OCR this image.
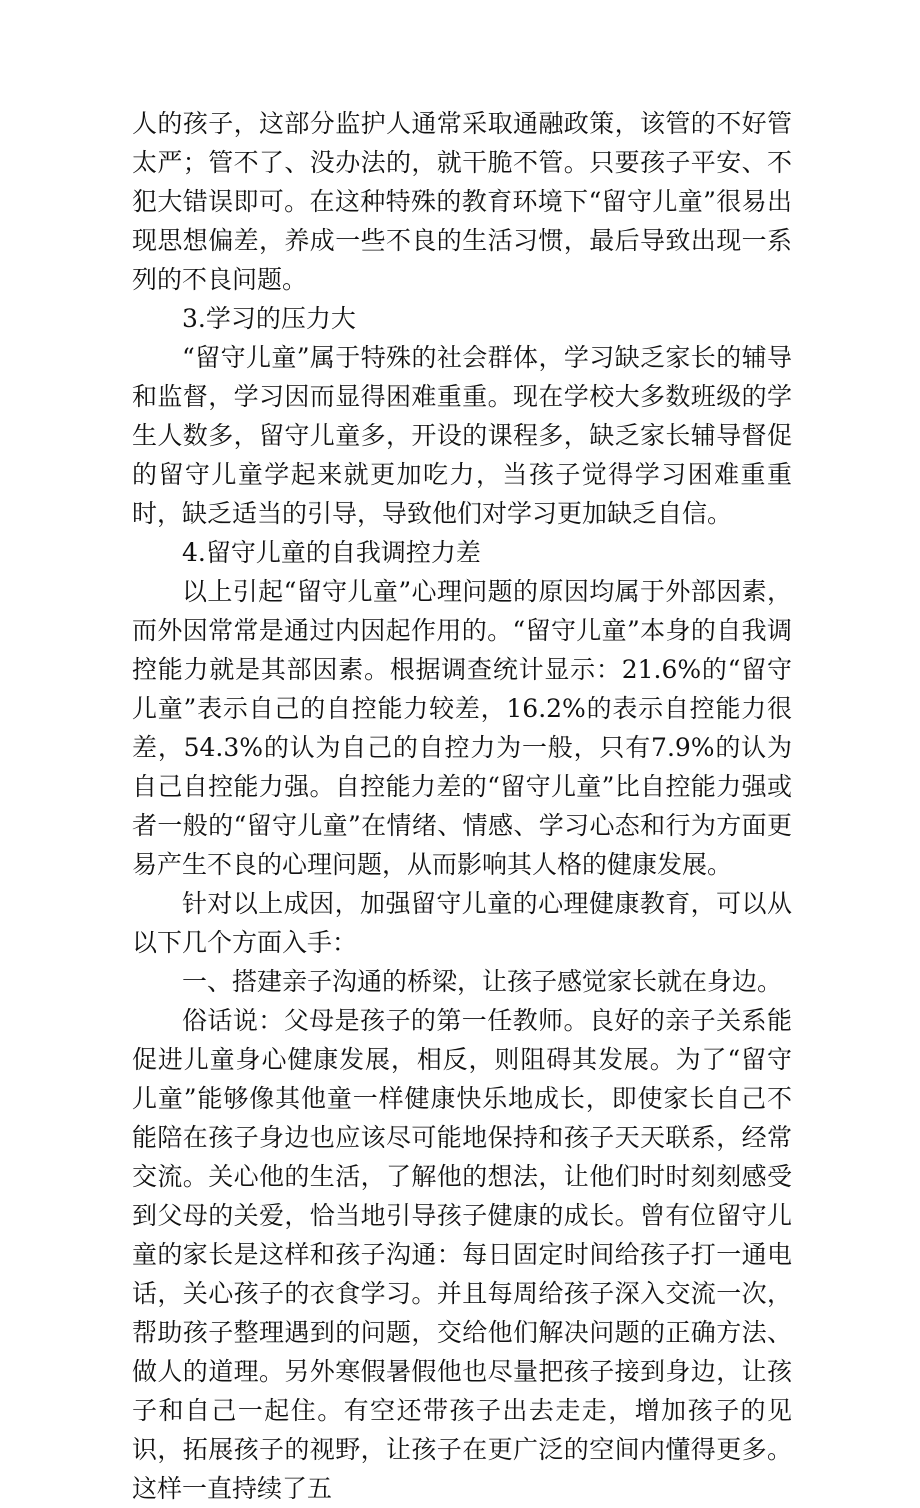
人的孩子，这部分监护人通常采取通融政策，该管的不好管太严；管不了、没办法的，就干脆不管。只要孩子平安、不犯大错误即可。在这种特殊的教育环境下“留守儿童”很易出现思想偏差，养成一些不良的生活习惯，最后导致出现一系列的不良问题。

3.学习的压力大

“留守儿童”属于特殊的社会群体，学习缺乏家长的辅导和监督，学习因而显得困难重重。现在学校大多数班级的学生人数多，留守儿童多，开设的课程多，缺乏家长辅导督促的留守儿童学起来就更加吃力，当孩子觉得学习困难重重时，缺乏适当的引导，导致他们对学习更加缺乏自信。

4.留守儿童的自我调控力差

以上引起“留守儿童”心理问题的原因均属于外部因素，而外因常常是通过内因起作用的。“留守儿童”本身的自我调控能力就是其部因素。根据调查统计显示：21.6%的“留守儿童”表示自己的自控能力较差，16.2%的表示自控能力很差，54.3%的认为自己的自控力为一般，只有7.9%的认为自己自控能力强。自控能力差的“留守儿童”比自控能力强或者一般的“留守儿童”在情绪、情感、学习心态和行为方面更易产生不良的心理问题，从而影响其人格的健康发展。

针对以上成因，加强留守儿童的心理健康教育，可以从以下几个方面入手：

一、搭建亲子沟通的桥梁，让孩子感觉家长就在身边。

俗话说：父母是孩子的第一任教师。良好的亲子关系能促进儿童身心健康发展，相反，则阻碍其发展。为了“留守儿童”能够像其他童一样健康快乐地成长，即使家长自己不能陪在孩子身边也应该尽可能地保持和孩子天天联系，经常交流。关心他的生活，了解他的想法，让他们时时刻刻感受到父母的关爱，恰当地引导孩子健康的成长。曾有位留守儿童的家长是这样和孩子沟通：每日固定时间给孩子打一通电话，关心孩子的衣食学习。并且每周给孩子深入交流一次，帮助孩子整理遇到的问题，交给他们解决问题的正确方法、做人的道理。另外寒假暑假他也尽量把孩子接到身边，让孩子和自己一起住。有空还带孩子出去走走，增加孩子的见识，拓展孩子的视野，让孩子在更广泛的空间内懂得更多。这样一直持续了五
